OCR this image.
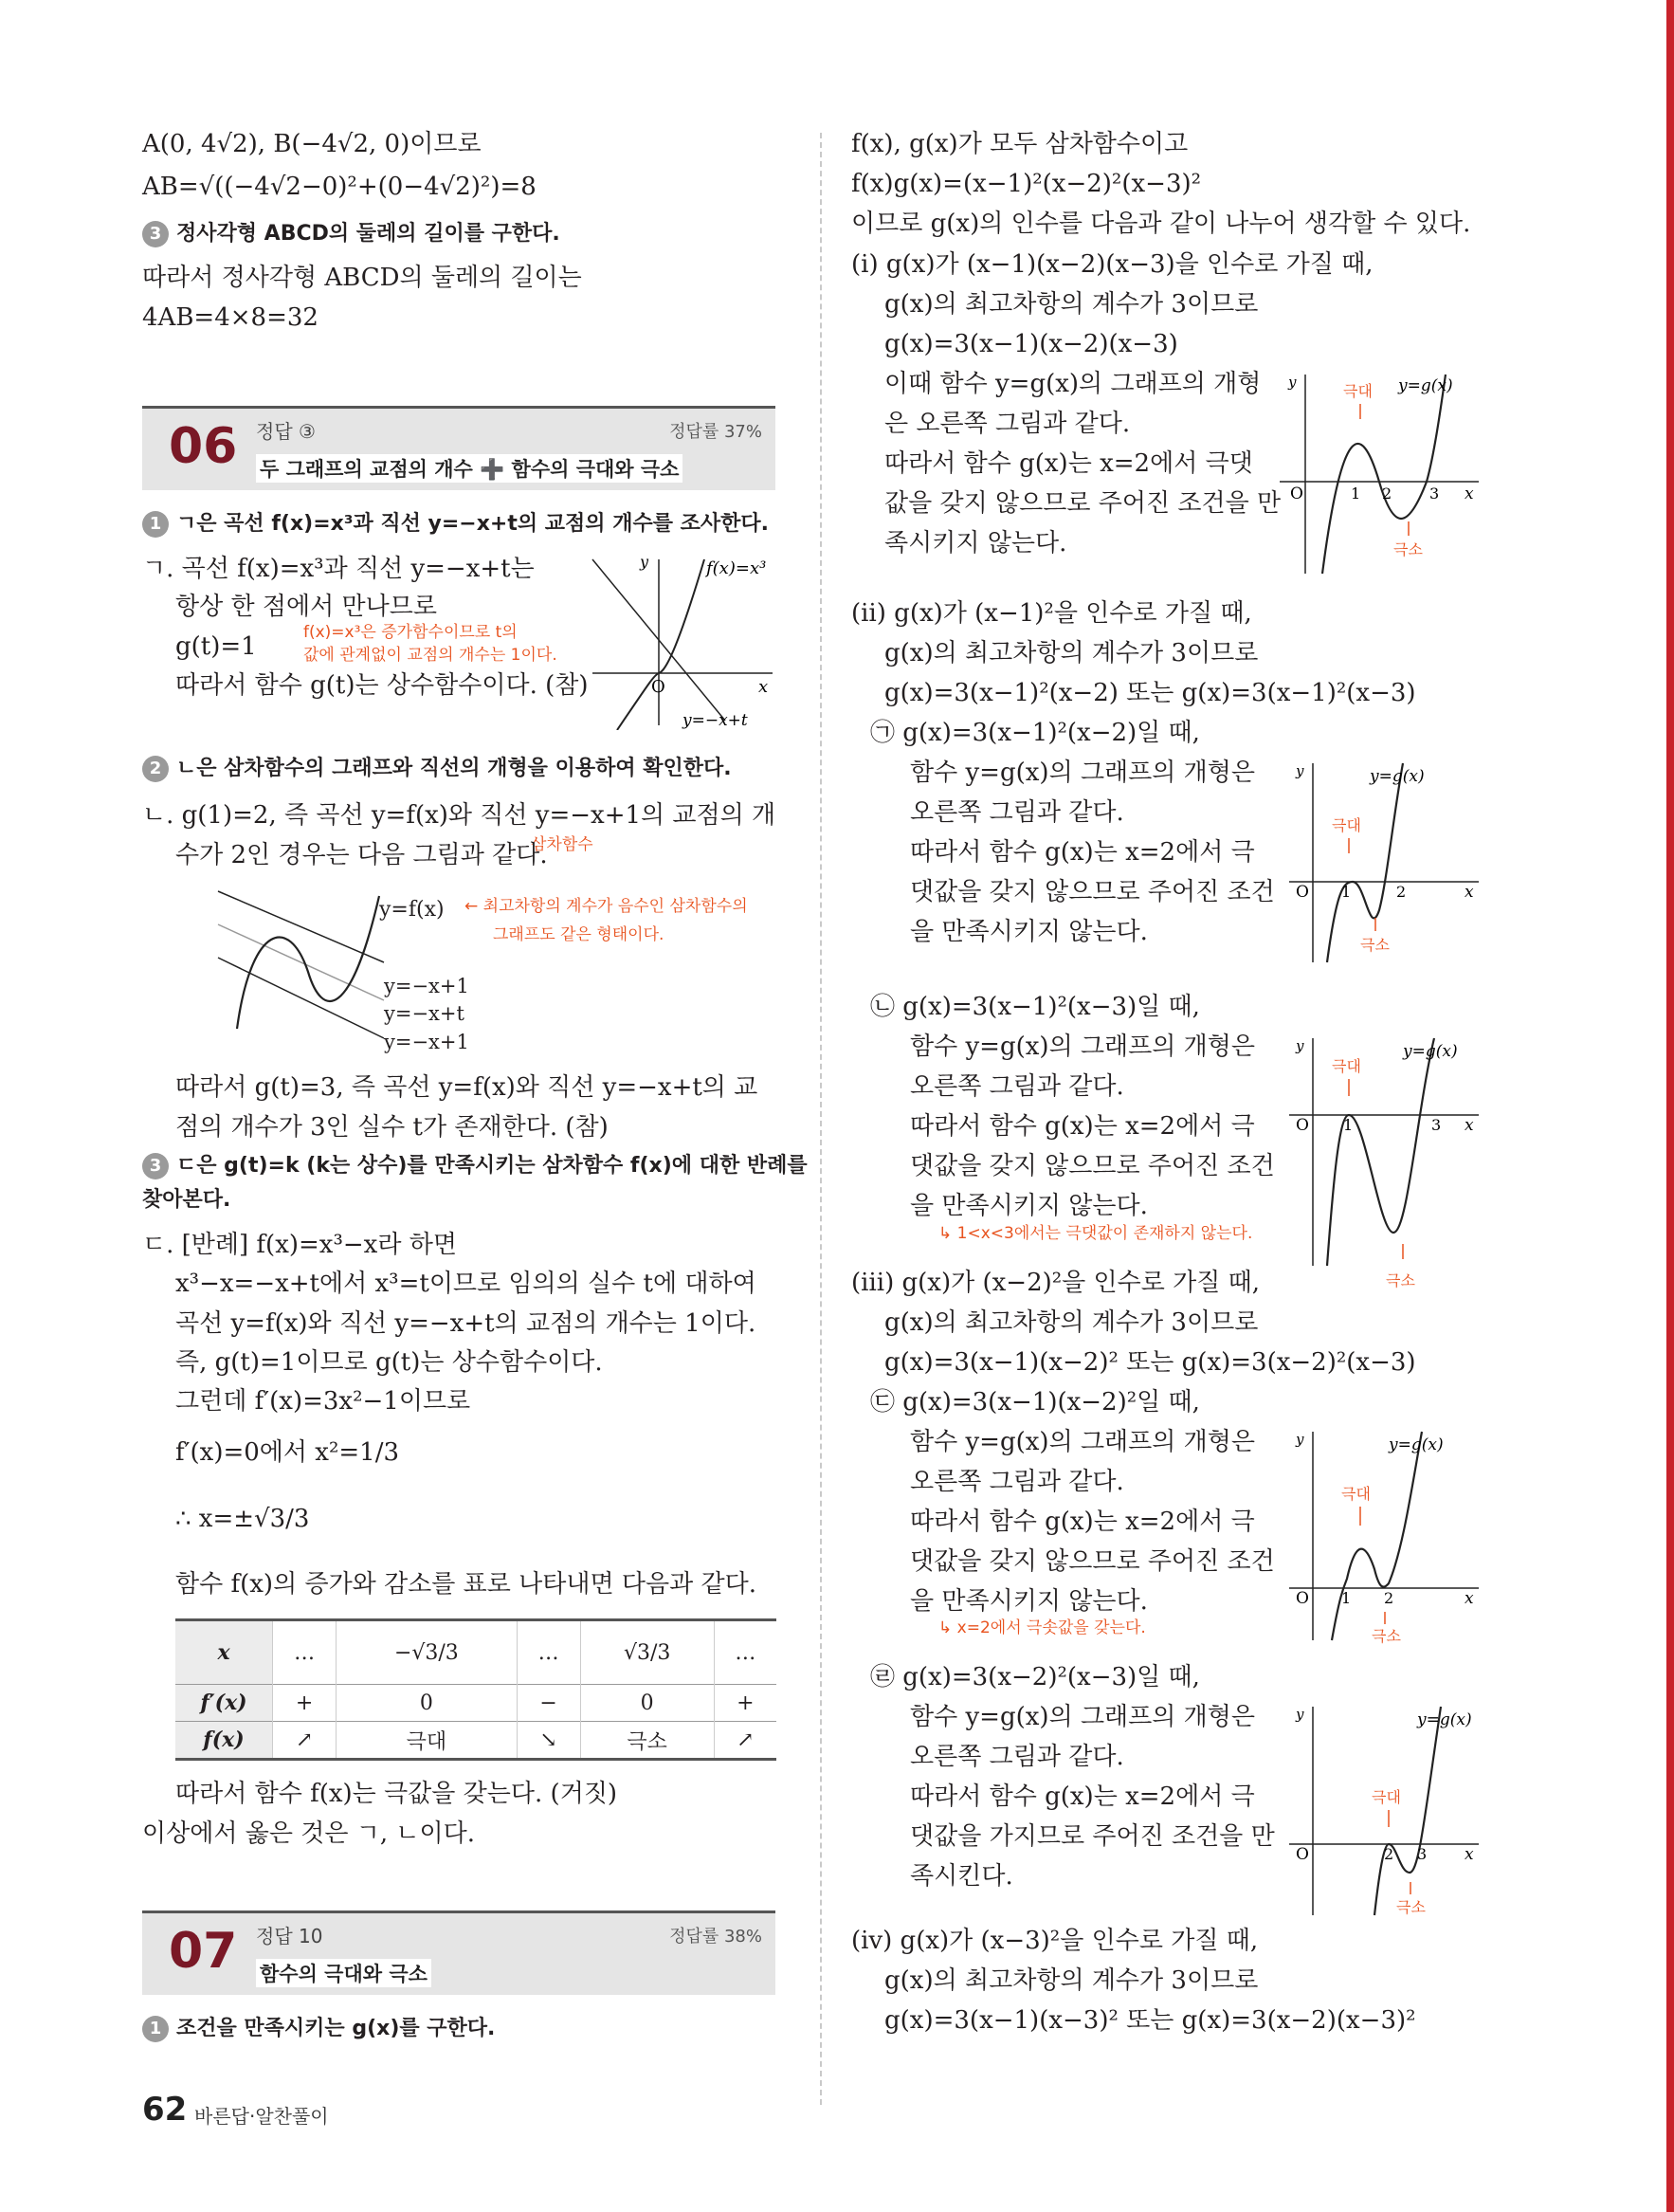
A(0, 4√2), B(−4√2, 0)이므로
AB=√((−4√2−0)²+(0−4√2)²)=8
3 정사각형 ABCD의 둘레의 길이를 구한다.
따라서 정사각형 ABCD의 둘레의 길이는
4AB=4×8=32
06 정답 ③	정답률 37%
두 그래프의 교점의 개수 ➕ 함수의 극대와 극소
1 ㄱ은 곡선 f(x)=x³과 직선 y=−x+t의 교점의 개수를 조사한다.
ㄱ. 곡선 f(x)=x³과 직선 y=−x+t는
항상 한 점에서 만나므로
g(t)=1	f(x)=x³은 증가함수이므로 t의
값에 관계없이 교점의 개수는 1이다.
따라서 함수 g(t)는 상수함수이다. (참)
y
x
O
f(x)=x³
y=−x+t
2 ㄴ은 삼차함수의 그래프와 직선의 개형을 이용하여 확인한다.
ㄴ. g(1)=2, 즉 곡선 y=f(x)와 직선 y=−x+1의 교점의 개
삼차함수
수가 2인 경우는 다음 그림과 같다.
y=f(x) ← 최고차항의 계수가 음수인 삼차함수의
그래프도 같은 형태이다.
y=−x+1
y=−x+t
y=−x+1
따라서 g(t)=3, 즉 곡선 y=f(x)와 직선 y=−x+t의 교
점의 개수가 3인 실수 t가 존재한다. (참)
3 ㄷ은 g(t)=k (k는 상수)를 만족시키는 삼차함수 f(x)에 대한 반례를
찾아본다.
ㄷ. [반례] f(x)=x³−x라 하면
x³−x=−x+t에서 x³=t이므로 임의의 실수 t에 대하여
곡선 y=f(x)와 직선 y=−x+t의 교점의 개수는 1이다.
즉, g(t)=1이므로 g(t)는 상수함수이다.
그런데 f′(x)=3x²−1이므로
f′(x)=0에서 x²=1/3
∴ x=±√3/3
함수 f(x)의 증가와 감소를 표로 나타내면 다음과 같다.
x	…	−√3/3	…	√3/3	…
f′(x)	+	0	−	0	+
f(x)	↗	극대	↘	극소	↗
따라서 함수 f(x)는 극값을 갖는다. (거짓)
이상에서 옳은 것은 ㄱ, ㄴ이다.
07 정답 10	정답률 38%
함수의 극대와 극소
1 조건을 만족시키는 g(x)를 구한다.
f(x), g(x)가 모두 삼차함수이고
f(x)g(x)=(x−1)²(x−2)²(x−3)²
이므로 g(x)의 인수를 다음과 같이 나누어 생각할 수 있다.
(ⅰ) g(x)가 (x−1)(x−2)(x−3)을 인수로 가질 때,
g(x)의 최고차항의 계수가 3이므로
g(x)=3(x−1)(x−2)(x−3)
이때 함수 y=g(x)의 그래프의 개형
은 오른쪽 그림과 같다.
따라서 함수 g(x)는 x=2에서 극댓
값을 갖지 않으므로 주어진 조건을 만
족시키지 않는다.
y
x
O	1 2 3
y=g(x)
극대
극소
(ⅱ) g(x)가 (x−1)²을 인수로 가질 때,
g(x)의 최고차항의 계수가 3이므로
g(x)=3(x−1)²(x−2) 또는 g(x)=3(x−1)²(x−3)
㉠ g(x)=3(x−1)²(x−2)일 때,
함수 y=g(x)의 그래프의 개형은
오른쪽 그림과 같다.
따라서 함수 g(x)는 x=2에서 극
댓값을 갖지 않으므로 주어진 조건
을 만족시키지 않는다.
y
x
O 1	2
y=g(x)
극대
극소
㉡ g(x)=3(x−1)²(x−3)일 때,
함수 y=g(x)의 그래프의 개형은
오른쪽 그림과 같다.
따라서 함수 g(x)는 x=2에서 극
댓값을 갖지 않으므로 주어진 조건
을 만족시키지 않는다.
↳ 1<x<3에서는 극댓값이 존재하지 않는다.
y
x
O 1	3
y=g(x)
극대
극소
(ⅲ) g(x)가 (x−2)²을 인수로 가질 때,
g(x)의 최고차항의 계수가 3이므로
g(x)=3(x−1)(x−2)² 또는 g(x)=3(x−2)²(x−3)
㉢ g(x)=3(x−1)(x−2)²일 때,
함수 y=g(x)의 그래프의 개형은
오른쪽 그림과 같다.
따라서 함수 g(x)는 x=2에서 극
댓값을 갖지 않으므로 주어진 조건
을 만족시키지 않는다.
↳ x=2에서 극솟값을 갖는다.
y
x
O 1 2
y=g(x)
극대
극소
㉣ g(x)=3(x−2)²(x−3)일 때,
함수 y=g(x)의 그래프의 개형은
오른쪽 그림과 같다.
따라서 함수 g(x)는 x=2에서 극
댓값을 가지므로 주어진 조건을 만
족시킨다.
y
x
O	2 3
y=g(x)
극대
극소
(ⅳ) g(x)가 (x−3)²을 인수로 가질 때,
g(x)의 최고차항의 계수가 3이므로
g(x)=3(x−1)(x−3)² 또는 g(x)=3(x−2)(x−3)²
62 바른답·알찬풀이
